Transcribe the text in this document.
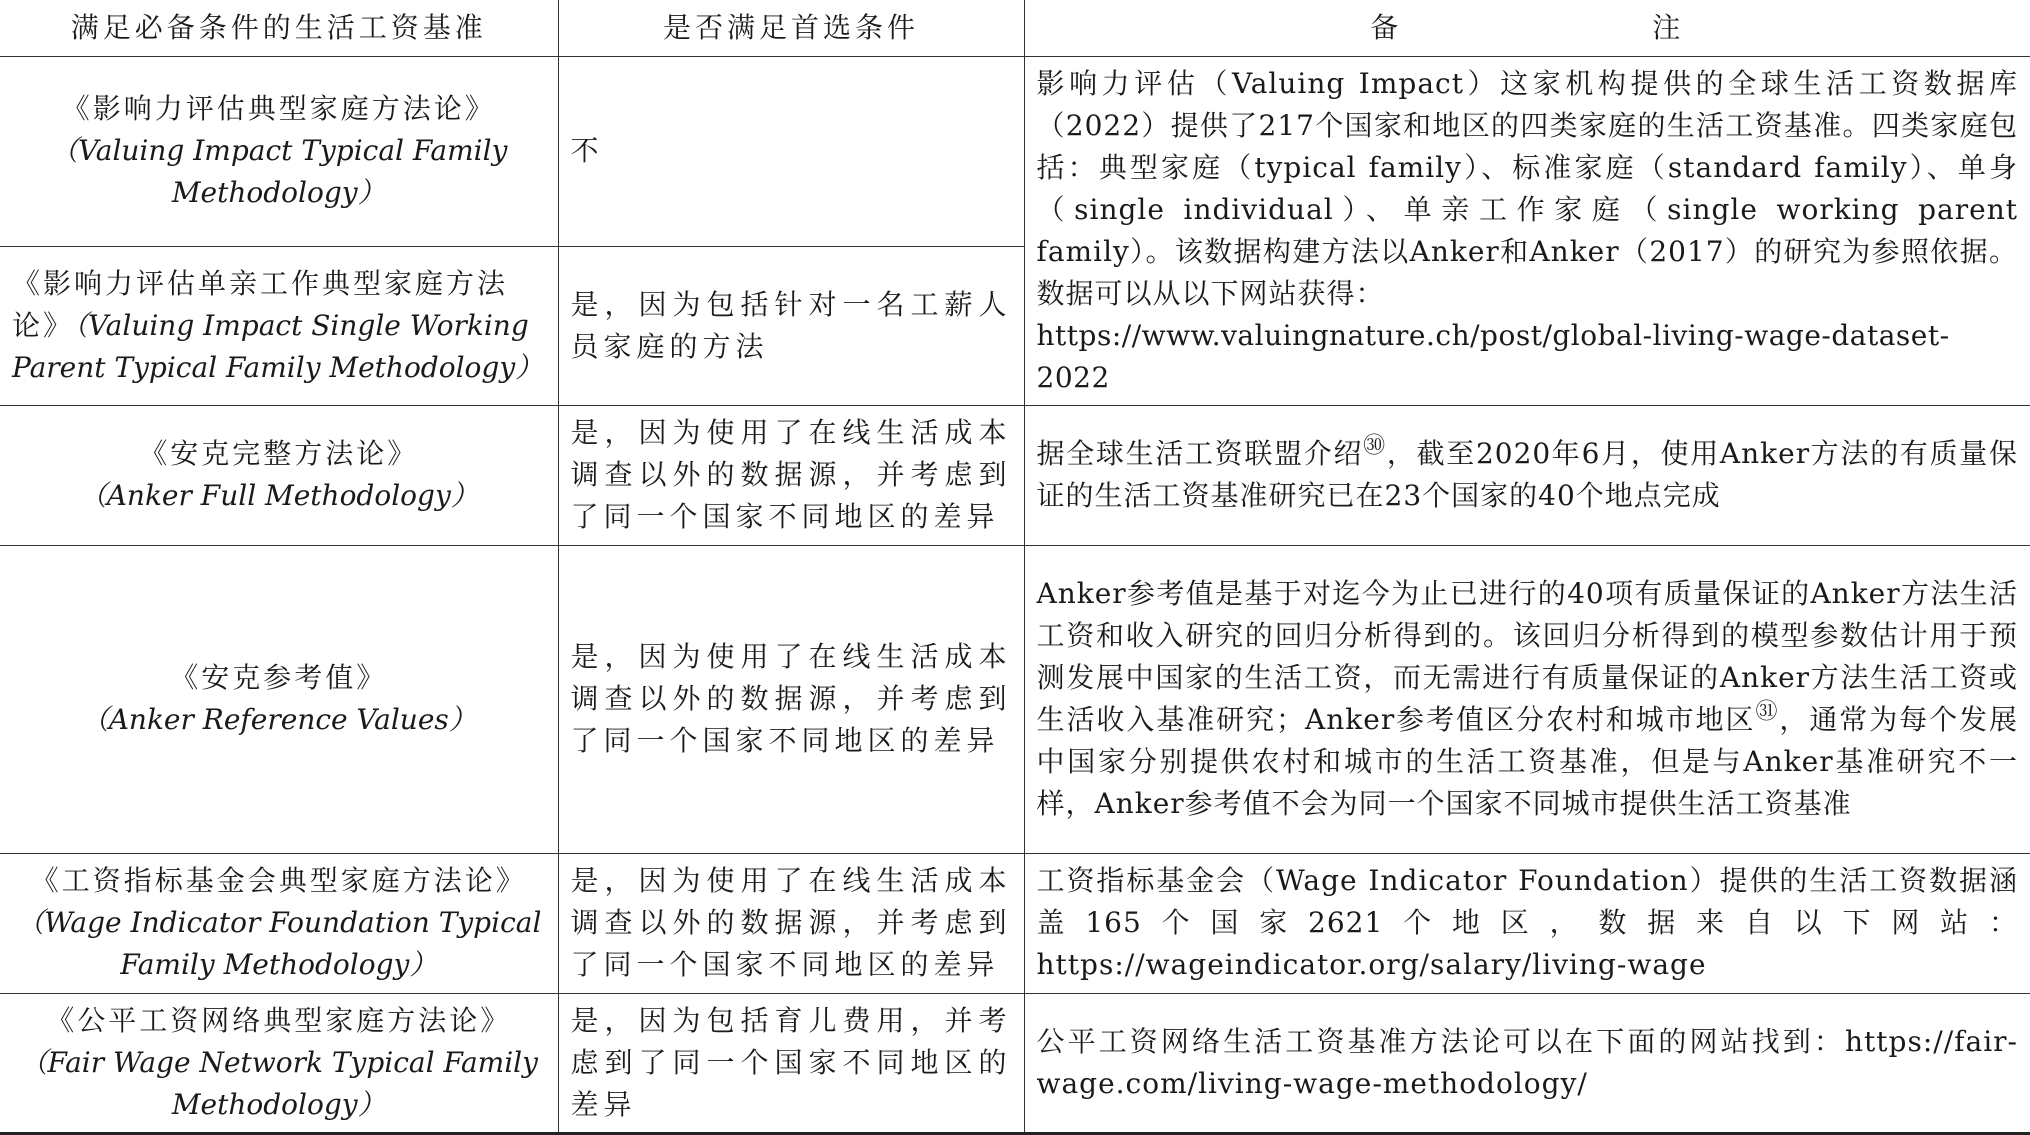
满足必备条件的生活工资基准	是否满足首选条件	备 注

《影响力评估典型家庭方法论》
（Valuing Impact Typical Family Methodology）	不	影响力评估（Valuing Impact）这家机构提供的全球生活工资数据库（2022）提供了217个国家和地区的四类家庭的生活工资基准。四类家庭包括：典型家庭（typical family）、标准家庭（standard family）、单身（single individual）、单亲工作家庭（single working parent family）。该数据构建方法以Anker和Anker（2017）的研究为参照依据。数据可以从以下网站获得：
https://www.valuingnature.ch/post/global-living-wage-dataset-2022

《影响力评估单亲工作典型家庭方法论》（Valuing Impact Single Working Parent Typical Family Methodology）	是，因为包括针对一名工薪人员家庭的方法	

《安克完整方法论》
（Anker Full Methodology）	是，因为使用了在线生活成本调查以外的数据源，并考虑到了同一个国家不同地区的差异	据全球生活工资联盟介绍$^㉚$，截至2020年6月，使用Anker方法的有质量保证的生活工资基准研究已在23个国家的40个地点完成

《安克参考值》
（Anker Reference Values）	是，因为使用了在线生活成本调查以外的数据源，并考虑到了同一个国家不同地区的差异	Anker参考值是基于对迄今为止已进行的40项有质量保证的Anker方法生活工资和收入研究的回归分析得到的。该回归分析得到的模型参数估计用于预测发展中国家的生活工资，而无需进行有质量保证的Anker方法生活工资或生活收入基准研究；Anker参考值区分农村和城市地区$^㉛$，通常为每个发展中国家分别提供农村和城市的生活工资基准，但是与Anker基准研究不一样，Anker参考值不会为同一个国家不同城市提供生活工资基准

《工资指标基金会典型家庭方法论》
（Wage Indicator Foundation Typical Family Methodology）	是，因为使用了在线生活成本调查以外的数据源，并考虑到了同一个国家不同地区的差异	工资指标基金会（Wage Indicator Foundation）提供的生活工资数据涵盖165个国家2621个地区，数据来自以下网站：https://wageindicator.org/salary/living-wage

《公平工资网络典型家庭方法论》
（Fair Wage Network Typical Family Methodology）	是，因为包括育儿费用，并考虑到了同一个国家不同地区的差异	公平工资网络生活工资基准方法论可以在下面的网站找到：https://fair-wage.com/living-wage-methodology/
